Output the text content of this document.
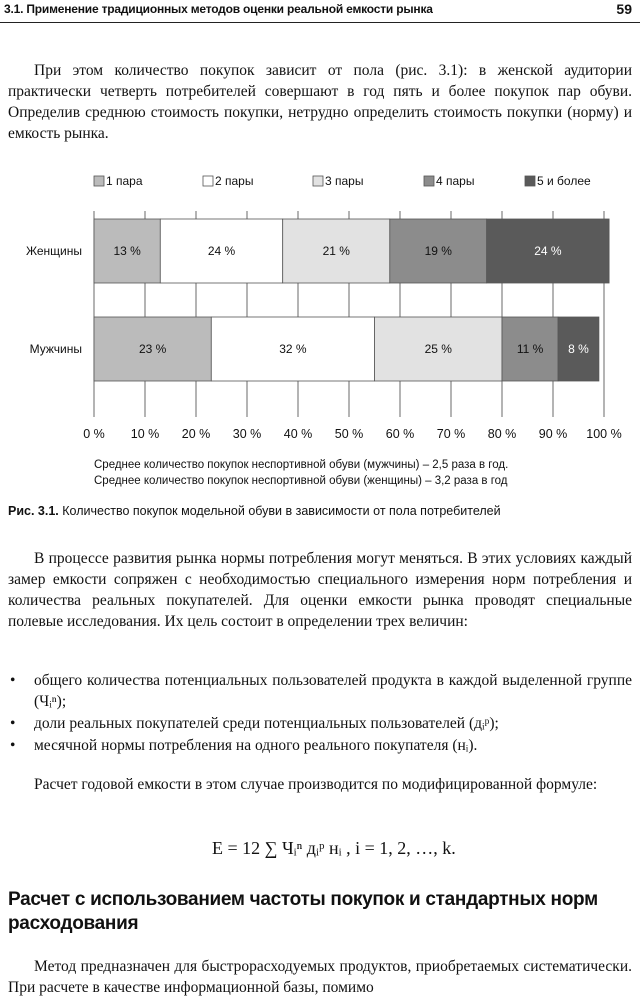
3.1. Применение традиционных методов оценки реальной емкости рынка	59
При этом количество покупок зависит от пола (рис. 3.1): в женской аудитории практически четверть потребителей совершают в год пять и более покупок пар обуви. Определив среднюю стоимость покупки, нетрудно определить стоимость покупки (норму) и емкость рынка.
1 пара	2 пары	3 пары	4 пары	5 и более
13 %	24 %	21 %	19 %	24 %
23 %	32 %	25 %	11 % 8 %
Женщины
Мужчины
0 % 10 % 20 % 30 % 40 % 50 % 60 % 70 % 80 % 90 % 100 %
Среднее количество покупок неспортивной обуви (мужчины) – 2,5 раза в год.
Среднее количество покупок неспортивной обуви (женщины) – 3,2 раза в год
Рис. 3.1. Количество покупок модельной обуви в зависимости от пола потребителей
В процессе развития рынка нормы потребления могут меняться. В этих условиях каждый замер емкости сопряжен с необходимостью специального измерения норм потребления и количества реальных покупателей. Для оценки емкости рынка проводят специальные полевые исследования. Их цель состоит в определении трех величин:
• общего количества потенциальных пользователей продукта в каждой выделенной группе (Чᵢⁿ);
• доли реальных покупателей среди потенциальных пользователей (дᵢᵖ);
• месячной нормы потребления на одного реального покупателя (нᵢ).
Расчет годовой емкости в этом случае производится по модифицированной формуле:
Е = 12 ∑ Чᵢⁿ дᵢᵖ нᵢ , i = 1, 2, …, k.
Расчет с использованием частоты покупок и стандартных норм расходования
Метод предназначен для быстрорасходуемых продуктов, приобретаемых систематически. При расчете в качестве информационной базы, помимо
